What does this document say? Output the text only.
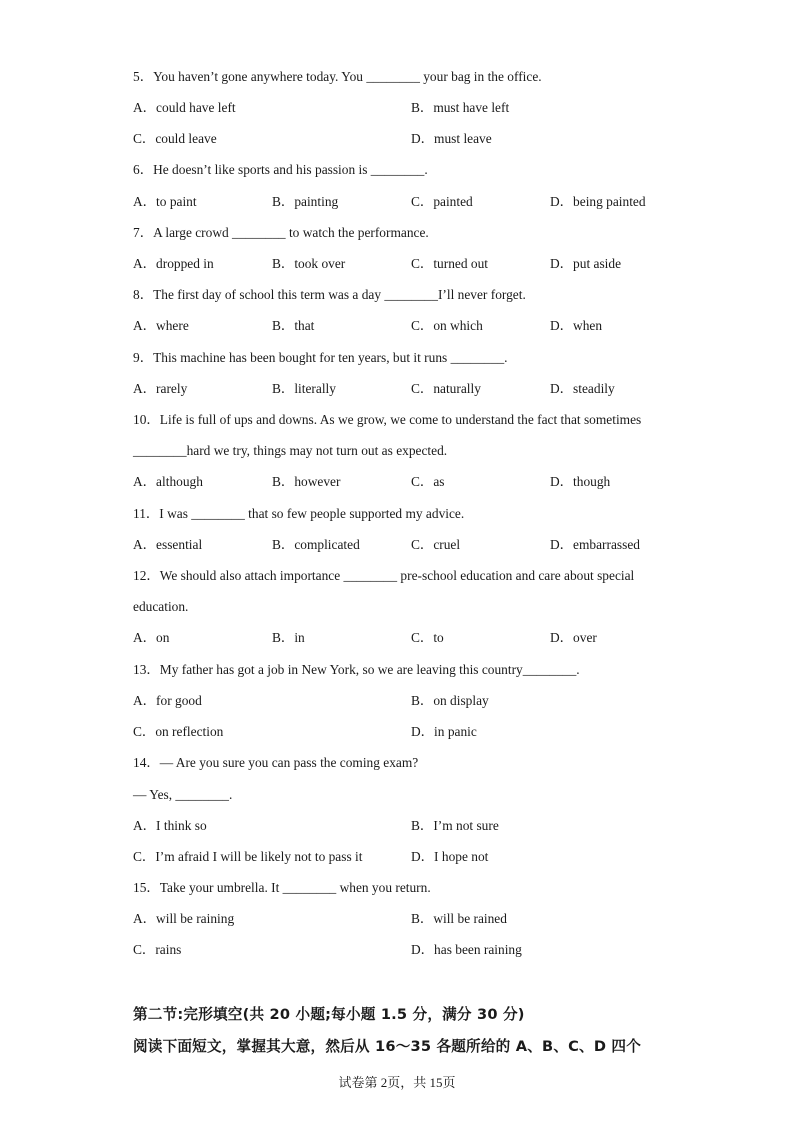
5．You haven’t gone anywhere today. You ________ your bag in the office.
A．could have left	B．must have left
C．could leave	D．must leave
6．He doesn’t like sports and his passion is ________.
A．to paint	B．painting	C．painted	D．being painted
7．A large crowd ________ to watch the performance.
A．dropped in	B．took over	C．turned out	D．put aside
8．The first day of school this term was a day ________I’ll never forget.
A．where	B．that	C．on which	D．when
9．This machine has been bought for ten years, but it runs ________.
A．rarely	B．literally	C．naturally	D．steadily
10．Life is full of ups and downs. As we grow, we come to understand the fact that sometimes
________hard we try, things may not turn out as expected.
A．although	B．however	C．as	D．though
11．I was ________ that so few people supported my advice.
A．essential	B．complicated	C．cruel	D．embarrassed
12．We should also attach importance ________ pre-school education and care about special
education.
A．on	B．in	C．to	D．over
13．My father has got a job in New York, so we are leaving this country________.
A．for good	B．on display
C．on reflection	D．in panic
14．— Are you sure you can pass the coming exam?
— Yes, ________.
A．I think so	B．I’m not sure
C．I’m afraid I will be likely not to pass it	D．I hope not
15．Take your umbrella. It ________ when you return.
A．will be raining	B．will be rained
C．rains	D．has been raining
第二节:完形填空(共 20 小题;每小题 1.5 分，满分 30 分)
阅读下面短文，掌握其大意，然后从 16～35 各题所给的 A、B、C、D 四个
试卷第 2页，共 15页
